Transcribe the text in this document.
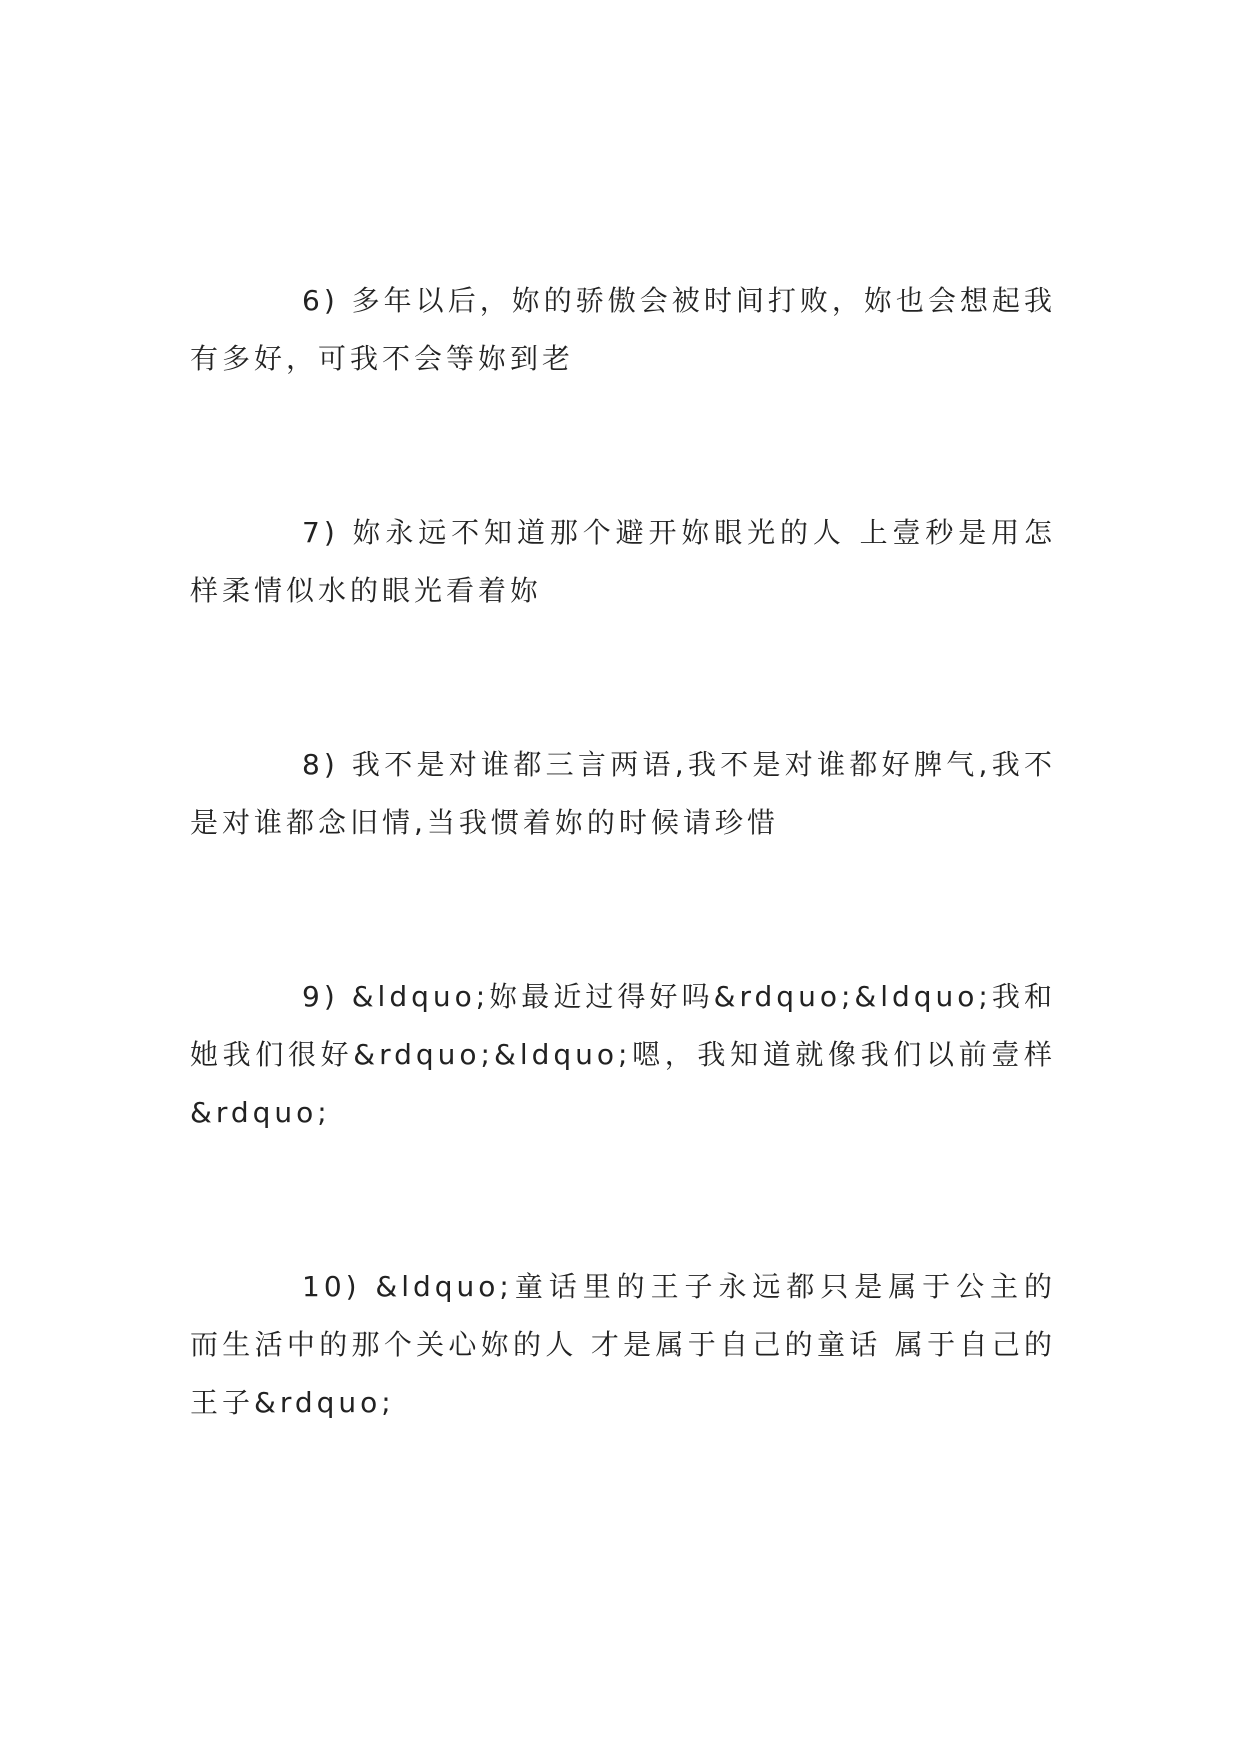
6) 多年以后，妳的骄傲会被时间打败，妳也会想起我有多好，可我不会等妳到老

7) 妳永远不知道那个避开妳眼光的人 上壹秒是用怎样柔情似水的眼光看着妳

8) 我不是对谁都三言两语,我不是对谁都好脾气,我不是对谁都念旧情,当我惯着妳的时候请珍惜

9) &ldquo;妳最近过得好吗&rdquo;&ldquo;我和她我们很好&rdquo;&ldquo;嗯，我知道就像我们以前壹样&rdquo;

10) &ldquo;童话里的王子永远都只是属于公主的 而生活中的那个关心妳的人 才是属于自己的童话 属于自己的王子&rdquo;
